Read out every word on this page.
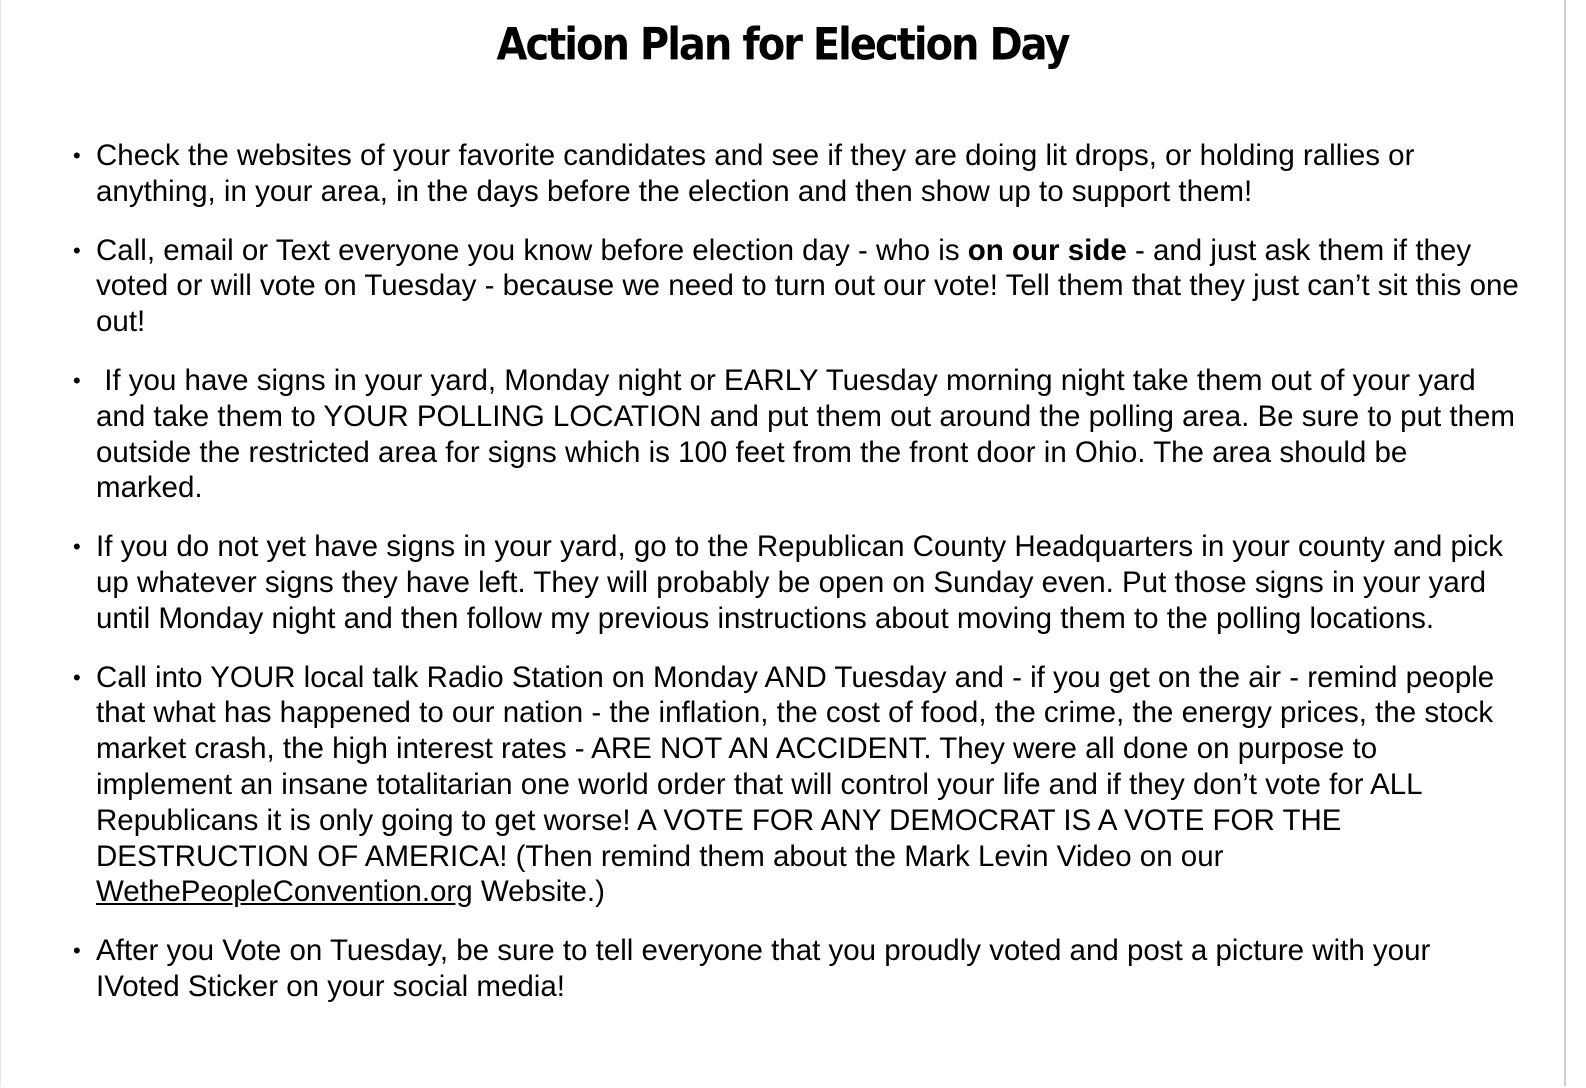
Action Plan for Election Day
• Check the websites of your favorite candidates and see if they are doing lit drops, or holding rallies or anything, in your area, in the days before the election and then show up to support them!
• Call, email or Text everyone you know before election day - who is on our side - and just ask them if they voted or will vote on Tuesday - because we need to turn out our vote! Tell them that they just can’t sit this one out!
• If you have signs in your yard, Monday night or EARLY Tuesday morning night take them out of your yard and take them to YOUR POLLING LOCATION and put them out around the polling area. Be sure to put them outside the restricted area for signs which is 100 feet from the front door in Ohio. The area should be marked.
• If you do not yet have signs in your yard, go to the Republican County Headquarters in your county and pick up whatever signs they have left. They will probably be open on Sunday even. Put those signs in your yard until Monday night and then follow my previous instructions about moving them to the polling locations.
• Call into YOUR local talk Radio Station on Monday AND Tuesday and - if you get on the air - remind people that what has happened to our nation - the inflation, the cost of food, the crime, the energy prices, the stock market crash, the high interest rates - ARE NOT AN ACCIDENT. They were all done on purpose to implement an insane totalitarian one world order that will control your life and if they don’t vote for ALL Republicans it is only going to get worse! A VOTE FOR ANY DEMOCRAT IS A VOTE FOR THE DESTRUCTION OF AMERICA! (Then remind them about the Mark Levin Video on our WethePeopleConvention.org Website.)
• After you Vote on Tuesday, be sure to tell everyone that you proudly voted and post a picture with your IVoted Sticker on your social media!
